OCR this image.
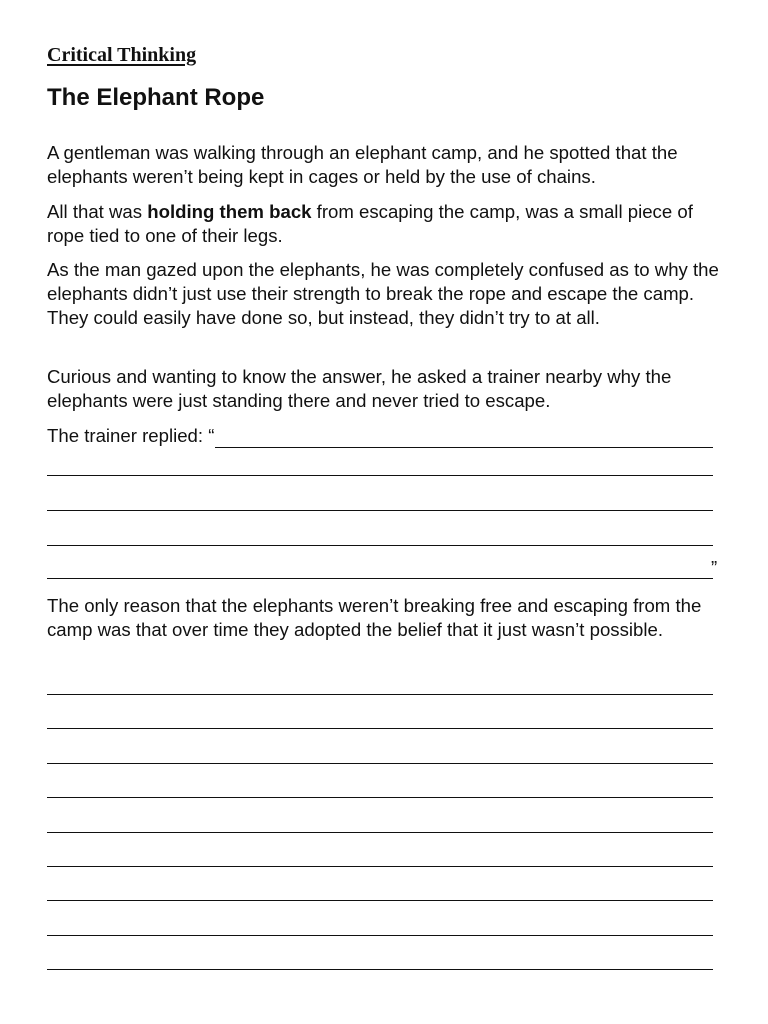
Critical Thinking
The Elephant Rope
A gentleman was walking through an elephant camp, and he spotted that the elephants weren’t being kept in cages or held by the use of chains.
All that was holding them back from escaping the camp, was a small piece of rope tied to one of their legs.
As the man gazed upon the elephants, he was completely confused as to why the elephants didn’t just use their strength to break the rope and escape the camp. They could easily have done so, but instead, they didn’t try to at all.
Curious and wanting to know the answer, he asked a trainer nearby why the elephants were just standing there and never tried to escape.
The trainer replied: “
”
The only reason that the elephants weren’t breaking free and escaping from the camp was that over time they adopted the belief that it just wasn’t possible.
